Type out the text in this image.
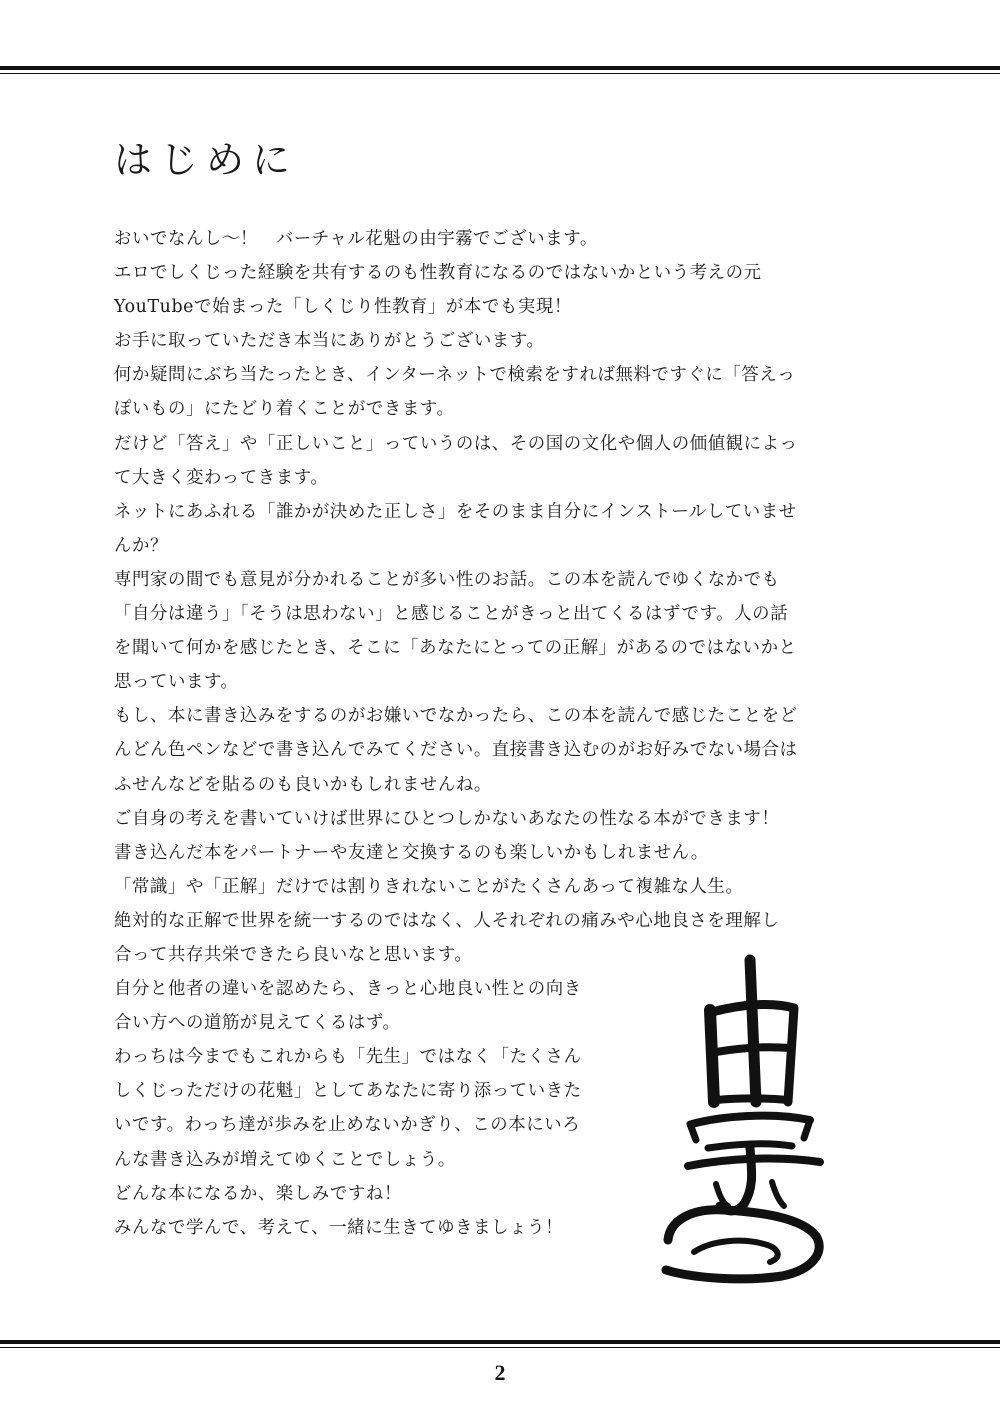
はじめに
おいでなんし〜！　バーチャル花魁の由宇霧でございます。
エロでしくじった経験を共有するのも性教育になるのではないかという考えの元
YouTubeで始まった「しくじり性教育」が本でも実現！
お手に取っていただき本当にありがとうございます。
何か疑問にぶち当たったとき、インターネットで検索をすれば無料ですぐに「答えっ
ぽいもの」にたどり着くことができます。
だけど「答え」や「正しいこと」っていうのは、その国の文化や個人の価値観によっ
て大きく変わってきます。
ネットにあふれる「誰かが決めた正しさ」をそのまま自分にインストールしていませ
んか？
専門家の間でも意見が分かれることが多い性のお話。この本を読んでゆくなかでも
「自分は違う」「そうは思わない」と感じることがきっと出てくるはずです。人の話
を聞いて何かを感じたとき、そこに「あなたにとっての正解」があるのではないかと
思っています。
もし、本に書き込みをするのがお嫌いでなかったら、この本を読んで感じたことをど
んどん色ペンなどで書き込んでみてください。直接書き込むのがお好みでない場合は
ふせんなどを貼るのも良いかもしれませんね。
ご自身の考えを書いていけば世界にひとつしかないあなたの性なる本ができます！
書き込んだ本をパートナーや友達と交換するのも楽しいかもしれません。
「常識」や「正解」だけでは割りきれないことがたくさんあって複雑な人生。
絶対的な正解で世界を統一するのではなく、人それぞれの痛みや心地良さを理解し
合って共存共栄できたら良いなと思います。
自分と他者の違いを認めたら、きっと心地良い性との向き
合い方への道筋が見えてくるはず。
わっちは今までもこれからも「先生」ではなく「たくさん
しくじっただけの花魁」としてあなたに寄り添っていきた
いです。わっち達が歩みを止めないかぎり、この本にいろ
んな書き込みが増えてゆくことでしょう。
どんな本になるか、楽しみですね！
みんなで学んで、考えて、一緒に生きてゆきましょう！
2
